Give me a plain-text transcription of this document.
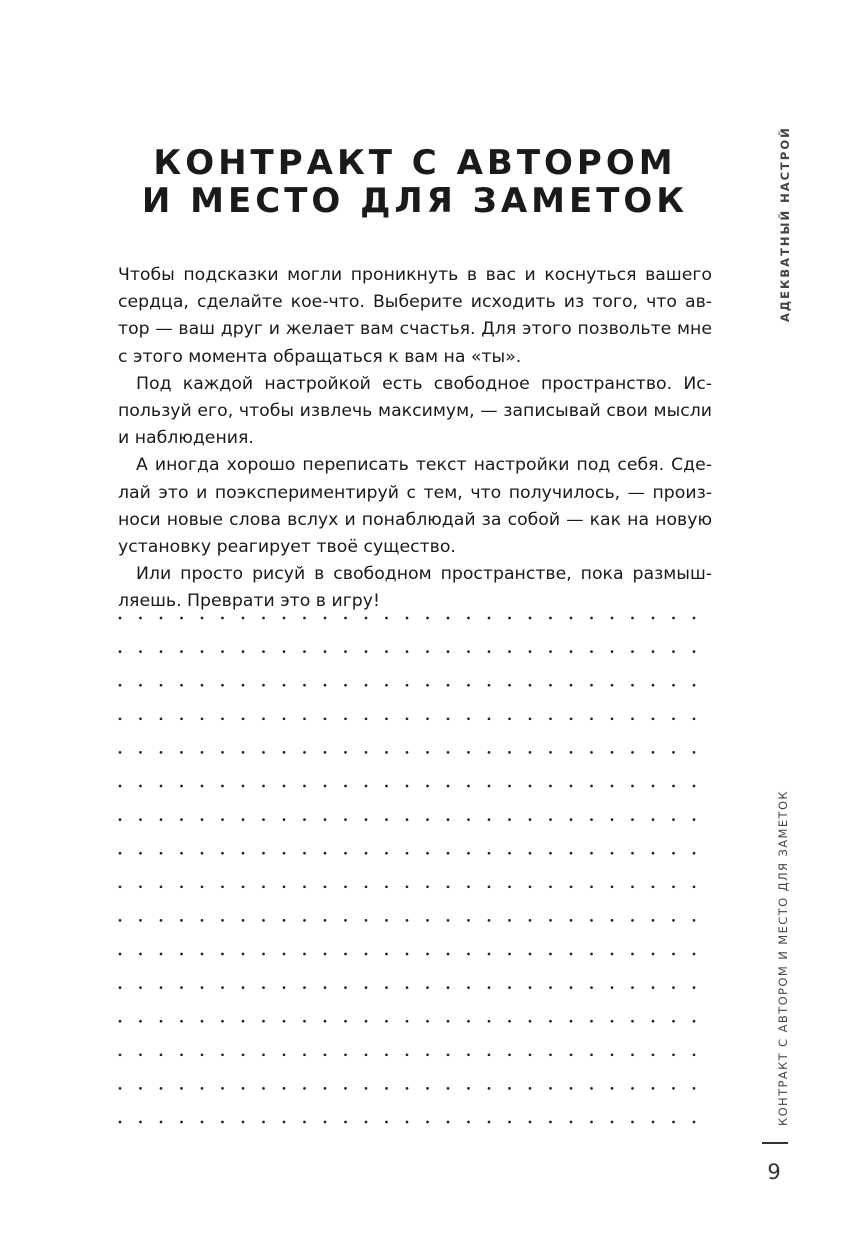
КОНТРАКТ С АВТОРОМ
И МЕСТО ДЛЯ ЗАМЕТОК
Чтобы подсказки могли проникнуть в вас и коснуться вашего
сердца, сделайте кое-что. Выберите исходить из того, что ав-
тор — ваш друг и желает вам счастья. Для этого позвольте мне
с этого момента обращаться к вам на «ты».
Под каждой настройкой есть свободное пространство. Ис-
пользуй его, чтобы извлечь максимум, — записывай свои мысли
и наблюдения.
А иногда хорошо переписать текст настройки под себя. Сде-
лай это и поэкспериментируй с тем, что получилось, — произ-
носи новые слова вслух и понаблюдай за собой — как на новую
установку реагирует твоё существо.
Или просто рисуй в свободном пространстве, пока размыш-
ляешь. Преврати это в игру!
АДЕКВАТНЫЙ НАСТРОЙ
КОНТРАКТ С АВТОРОМ И МЕСТО ДЛЯ ЗАМЕТОК
9
